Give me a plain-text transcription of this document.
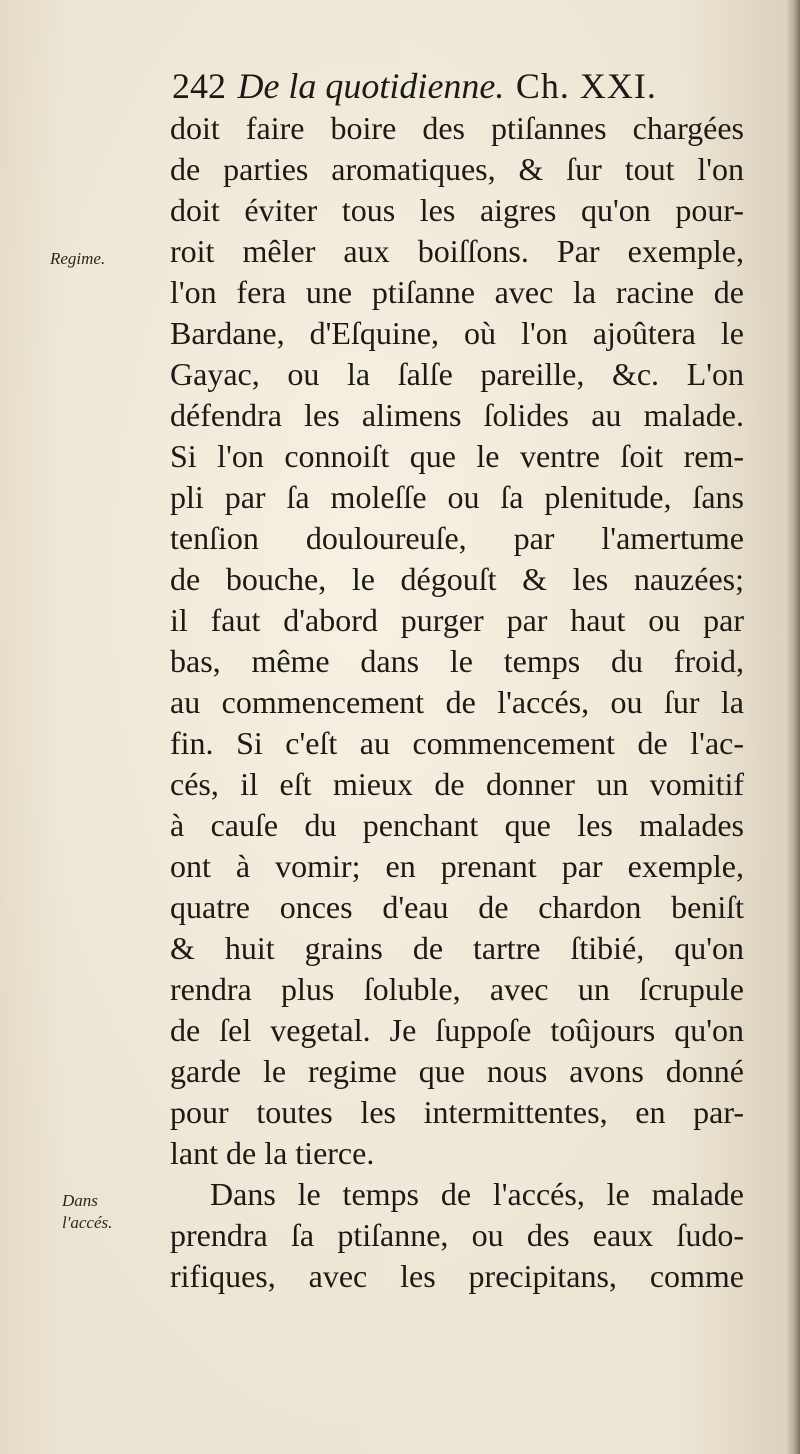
242 De la quotidienne. Ch. XXI.
Regime.
Dans
l'accés.
doit faire boire des ptiſannes chargées
de parties aromatiques, & ſur tout l'on
doit éviter tous les aigres qu'on pour-
roit mêler aux boiſſons. Par exemple,
l'on fera une ptiſanne avec la racine de
Bardane, d'Eſquine, où l'on ajoûtera le
Gayac, ou la ſalſe pareille, &c. L'on
défendra les alimens ſolides au malade.
Si l'on connoiſt que le ventre ſoit rem-
pli par ſa moleſſe ou ſa plenitude, ſans
tenſion douloureuſe, par l'amertume
de bouche, le dégouſt & les nauzées;
il faut d'abord purger par haut ou par
bas, même dans le temps du froid,
au commencement de l'accés, ou ſur la
fin. Si c'eſt au commencement de l'ac-
cés, il eſt mieux de donner un vomitif
à cauſe du penchant que les malades
ont à vomir; en prenant par exemple,
quatre onces d'eau de chardon beniſt
& huit grains de tartre ſtibié, qu'on
rendra plus ſoluble, avec un ſcrupule
de ſel vegetal. Je ſuppoſe toûjours qu'on
garde le regime que nous avons donné
pour toutes les intermittentes, en par-
lant de la tierce.
Dans le temps de l'accés, le malade
prendra ſa ptiſanne, ou des eaux ſudo-
rifiques, avec les precipitans, comme
